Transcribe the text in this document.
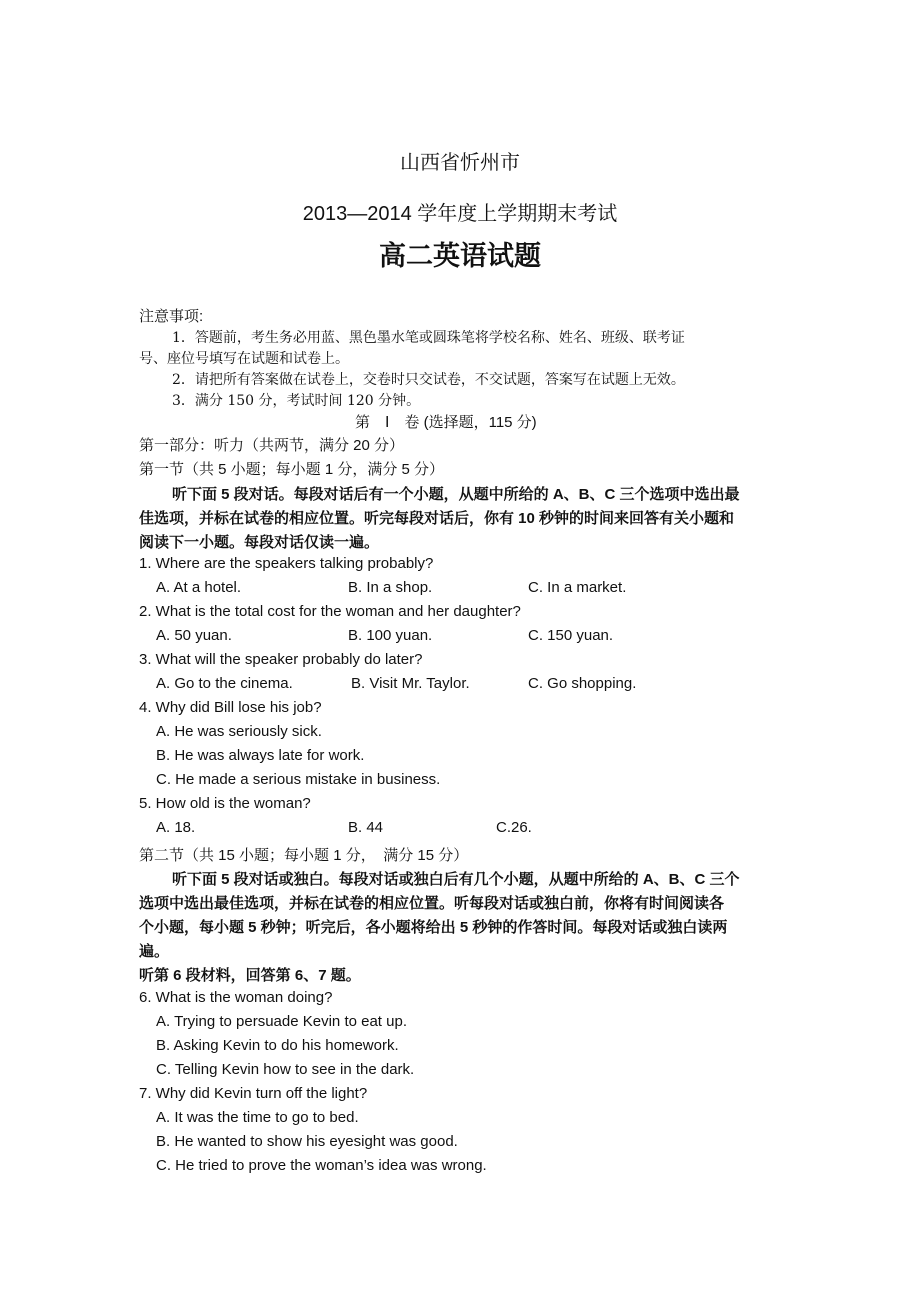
山西省忻州市
2013—2014 学年度上学期期末考试
高二英语试题
注意事项:
1．答题前，考生务必用蓝、黑色墨水笔或圆珠笔将学校名称、姓名、班级、联考证
号、座位号填写在试题和试卷上。
2．请把所有答案做在试卷上，交卷时只交试卷，不交试题，答案写在试题上无效。
3．满分 150 分，考试时间 120 分钟。
第　Ⅰ　卷 (选择题，115 分)
第一部分：听力（共两节，满分 20 分）
第一节（共 5 小题；每小题 1 分，满分 5 分）
听下面 5 段对话。每段对话后有一个小题，从题中所给的 A、B、C 三个选项中选出最
佳选项，并标在试卷的相应位置。听完每段对话后，你有 10 秒钟的时间来回答有关小题和
阅读下一小题。每段对话仅读一遍。
1. Where are the speakers talking probably?
A. At a hotel.	B. In a shop.	C. In a market.
2. What is the total cost for the woman and her daughter?
A. 50 yuan.	B. 100 yuan.	C. 150 yuan.
3. What will the speaker probably do later?
A. Go to the cinema.	B. Visit Mr. Taylor.	C. Go shopping.
4. Why did Bill lose his job?
A. He was seriously sick.
B. He was always late for work.
C. He made a serious mistake in business.
5. How old is the woman?
A. 18.	B. 44	C.26.
第二节（共 15 小题；每小题 1 分，　满分 15 分）
听下面 5 段对话或独白。每段对话或独白后有几个小题，从题中所给的 A、B、C 三个
选项中选出最佳选项，并标在试卷的相应位置。听每段对话或独白前，你将有时间阅读各
个小题，每小题 5 秒钟；听完后，各小题将给出 5 秒钟的作答时间。每段对话或独白读两
遍。
听第 6 段材料，回答第 6、7 题。
6. What is the woman doing?
A. Trying to persuade Kevin to eat up.
B. Asking Kevin to do his homework.
C. Telling Kevin how to see in the dark.
7. Why did Kevin turn off the light?
A. It was the time to go to bed.
B. He wanted to show his eyesight was good.
C. He tried to prove the woman’s idea was wrong.
